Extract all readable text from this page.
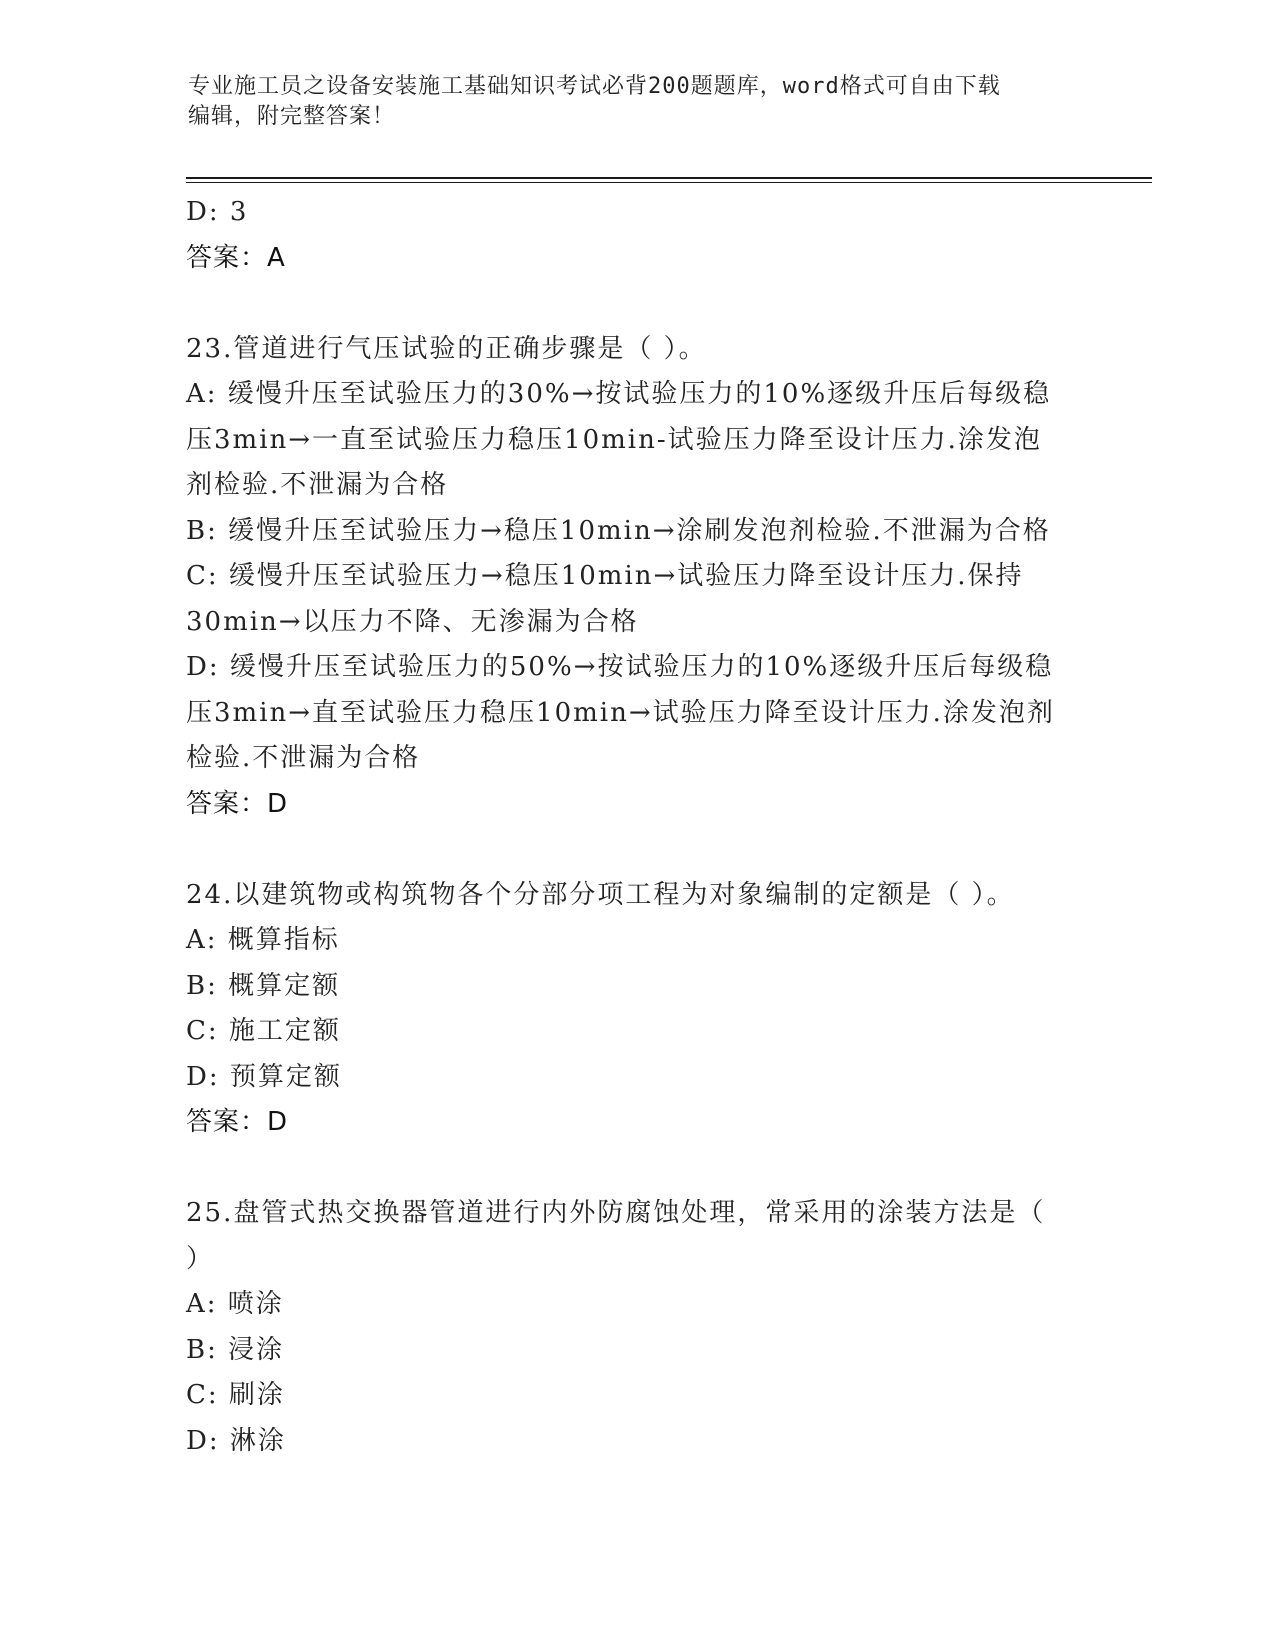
专业施工员之设备安装施工基础知识考试必背200题题库，word格式可自由下载
编辑，附完整答案！
D: 3
答案：A
23.管道进行气压试验的正确步骤是（ ）。
A: 缓慢升压至试验压力的30%→按试验压力的10%逐级升压后每级稳
压3min→一直至试验压力稳压10min-试验压力降至设计压力.涂发泡
剂检验.不泄漏为合格
B: 缓慢升压至试验压力→稳压10min→涂刷发泡剂检验.不泄漏为合格
C: 缓慢升压至试验压力→稳压10min→试验压力降至设计压力.保持
30min→以压力不降、无渗漏为合格
D: 缓慢升压至试验压力的50%→按试验压力的10%逐级升压后每级稳
压3min→直至试验压力稳压10min→试验压力降至设计压力.涂发泡剂
检验.不泄漏为合格
答案：D
24.以建筑物或构筑物各个分部分项工程为对象编制的定额是（ ）。
A: 概算指标
B: 概算定额
C: 施工定额
D: 预算定额
答案：D
25.盘管式热交换器管道进行内外防腐蚀处理，常采用的涂装方法是（
）
A: 喷涂
B: 浸涂
C: 刷涂
D: 淋涂
